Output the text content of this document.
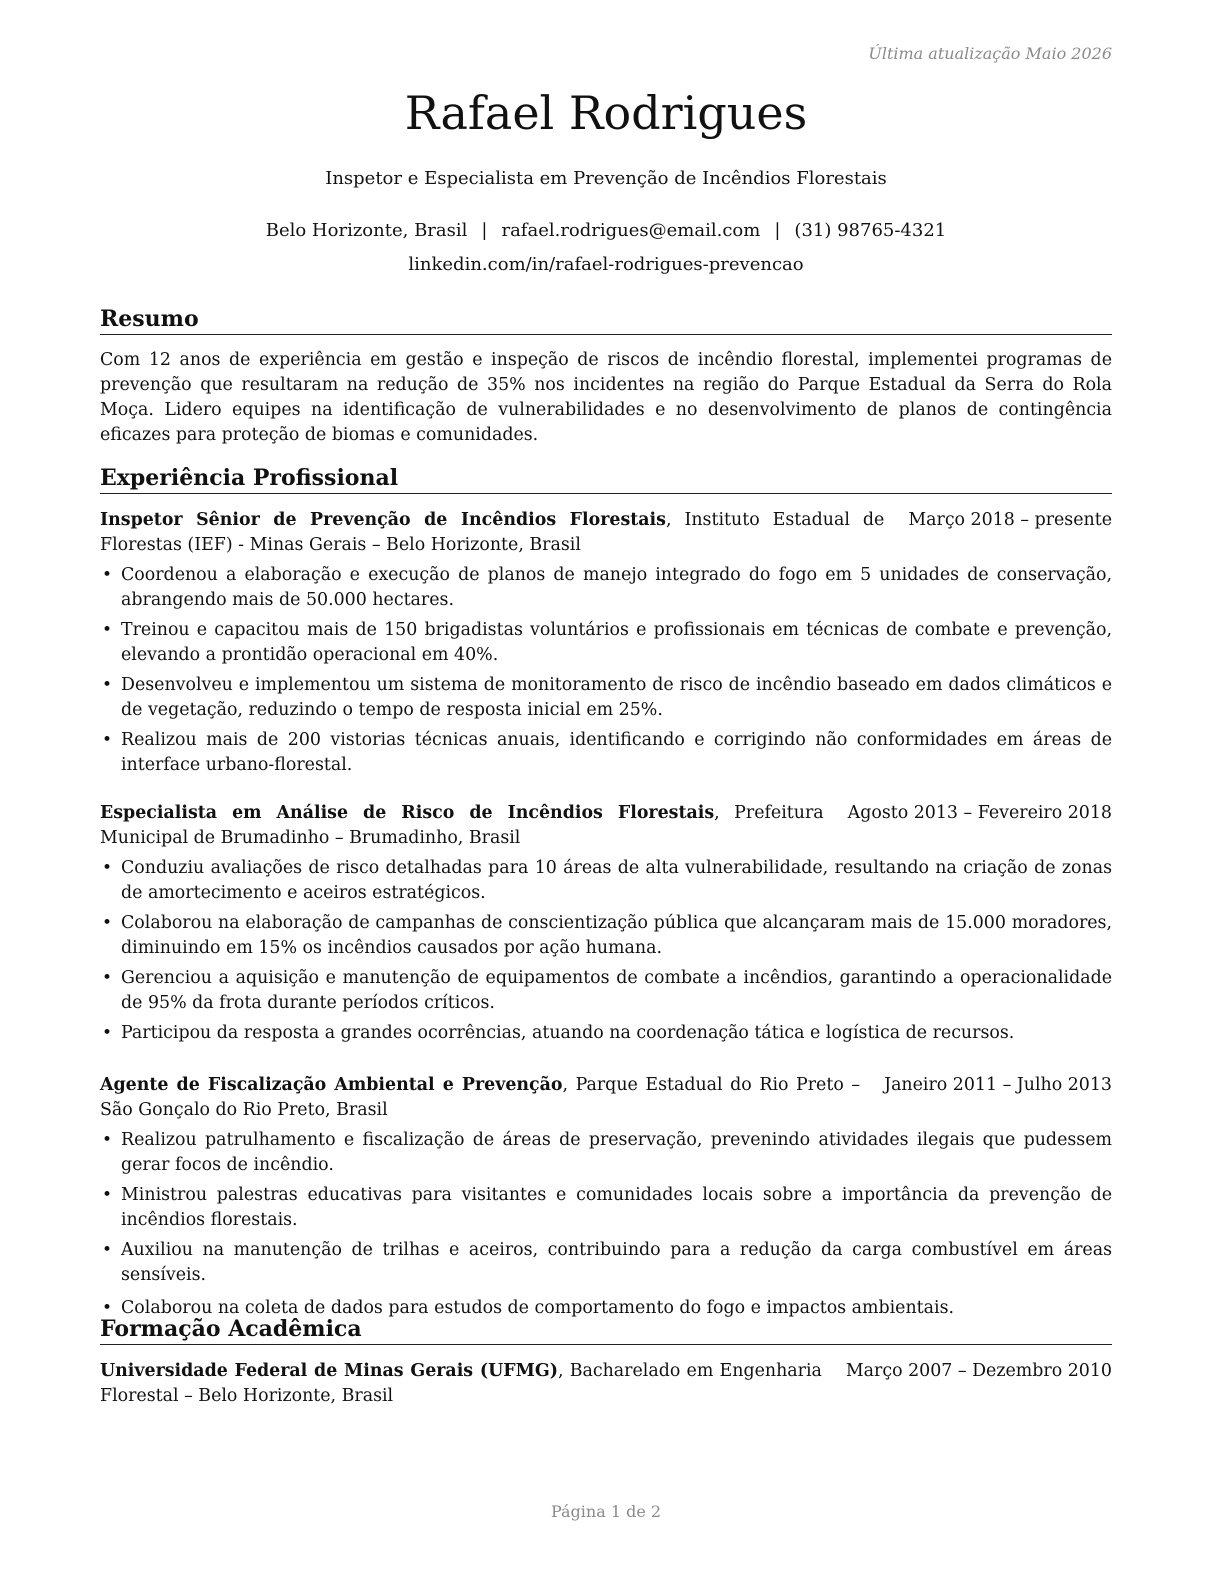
Última atualização Maio 2026
Rafael Rodrigues
Inspetor e Especialista em Prevenção de Incêndios Florestais
Belo Horizonte, Brasil | rafael.rodrigues@email.com | (31) 98765-4321
linkedin.com/in/rafael-rodrigues-prevencao
Resumo
Com 12 anos de experiência em gestão e inspeção de riscos de incêndio florestal, implementei programas de prevenção que resultaram na redução de 35% nos incidentes na região do Parque Estadual da Serra do Rola Moça. Lidero equipes na identificação de vulnerabilidades e no desenvolvimento de planos de contingência eficazes para proteção de biomas e comunidades.
Experiência Profissional
Março 2018 – presente
Inspetor Sênior de Prevenção de Incêndios Florestais, Instituto Estadual de Florestas (IEF) - Minas Gerais – Belo Horizonte, Brasil
• Coordenou a elaboração e execução de planos de manejo integrado do fogo em 5 unidades de conservação, abrangendo mais de 50.000 hectares.
• Treinou e capacitou mais de 150 brigadistas voluntários e profissionais em técnicas de combate e prevenção, elevando a prontidão operacional em 40%.
• Desenvolveu e implementou um sistema de monitoramento de risco de incêndio baseado em dados climáticos e de vegetação, reduzindo o tempo de resposta inicial em 25%.
• Realizou mais de 200 vistorias técnicas anuais, identificando e corrigindo não conformidades em áreas de interface urbano-florestal.
Agosto 2013 – Fevereiro 2018
Especialista em Análise de Risco de Incêndios Florestais, Prefeitura Municipal de Brumadinho – Brumadinho, Brasil
• Conduziu avaliações de risco detalhadas para 10 áreas de alta vulnerabilidade, resultando na criação de zonas de amortecimento e aceiros estratégicos.
• Colaborou na elaboração de campanhas de conscientização pública que alcançaram mais de 15.000 moradores, diminuindo em 15% os incêndios causados por ação humana.
• Gerenciou a aquisição e manutenção de equipamentos de combate a incêndios, garantindo a operacionalidade de 95% da frota durante períodos críticos.
• Participou da resposta a grandes ocorrências, atuando na coordenação tática e logística de recursos.
Janeiro 2011 – Julho 2013
Agente de Fiscalização Ambiental e Prevenção, Parque Estadual do Rio Preto – São Gonçalo do Rio Preto, Brasil
• Realizou patrulhamento e fiscalização de áreas de preservação, prevenindo atividades ilegais que pudessem gerar focos de incêndio.
• Ministrou palestras educativas para visitantes e comunidades locais sobre a importância da prevenção de incêndios florestais.
• Auxiliou na manutenção de trilhas e aceiros, contribuindo para a redução da carga combustível em áreas sensíveis.
• Colaborou na coleta de dados para estudos de comportamento do fogo e impactos ambientais.
Formação Acadêmica
Março 2007 – Dezembro 2010
Universidade Federal de Minas Gerais (UFMG), Bacharelado em Engenharia Florestal – Belo Horizonte, Brasil
Página 1 de 2
